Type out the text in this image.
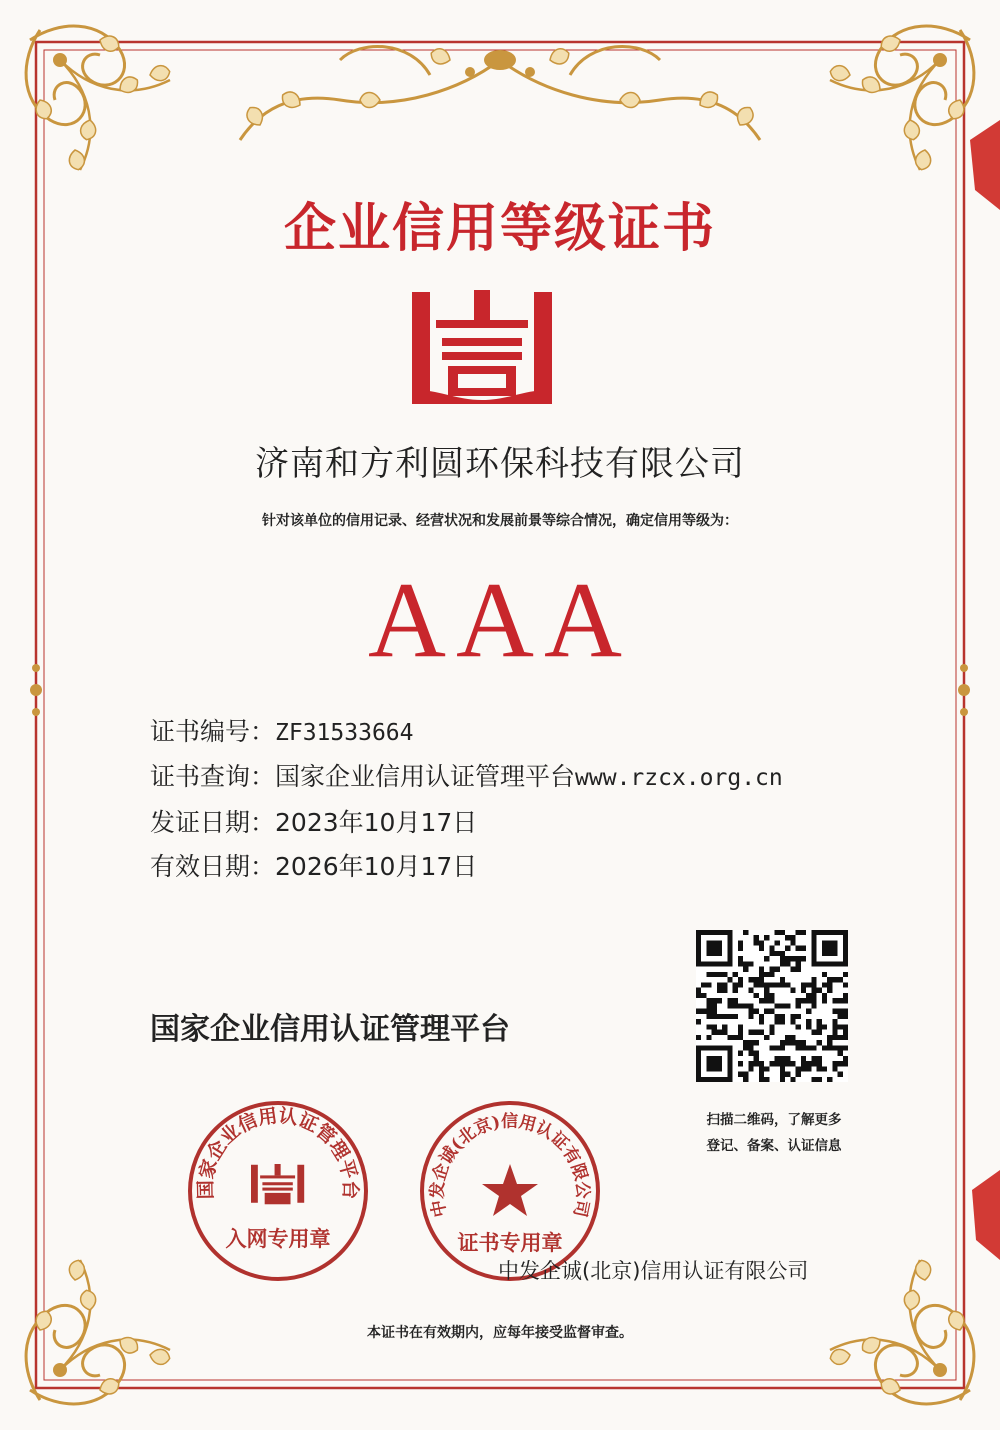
企业信用等级证书
济南和方利圆环保科技有限公司
针对该单位的信用记录、经营状况和发展前景等综合情况，确定信用等级为：
AAA
证书编号：ZF31533664
证书查询：国家企业信用认证管理平台www.rzcx.org.cn
发证日期：2023年10月17日
有效日期：2026年10月17日
国家企业信用认证管理平台
扫描二维码，了解更多
登记、备案、认证信息
国家企业信用认证管理平台
入网专用章
中发企诚(北京)信用认证有限公司
证书专用章
中发企诚(北京)信用认证有限公司
本证书在有效期内，应每年接受监督审查。
